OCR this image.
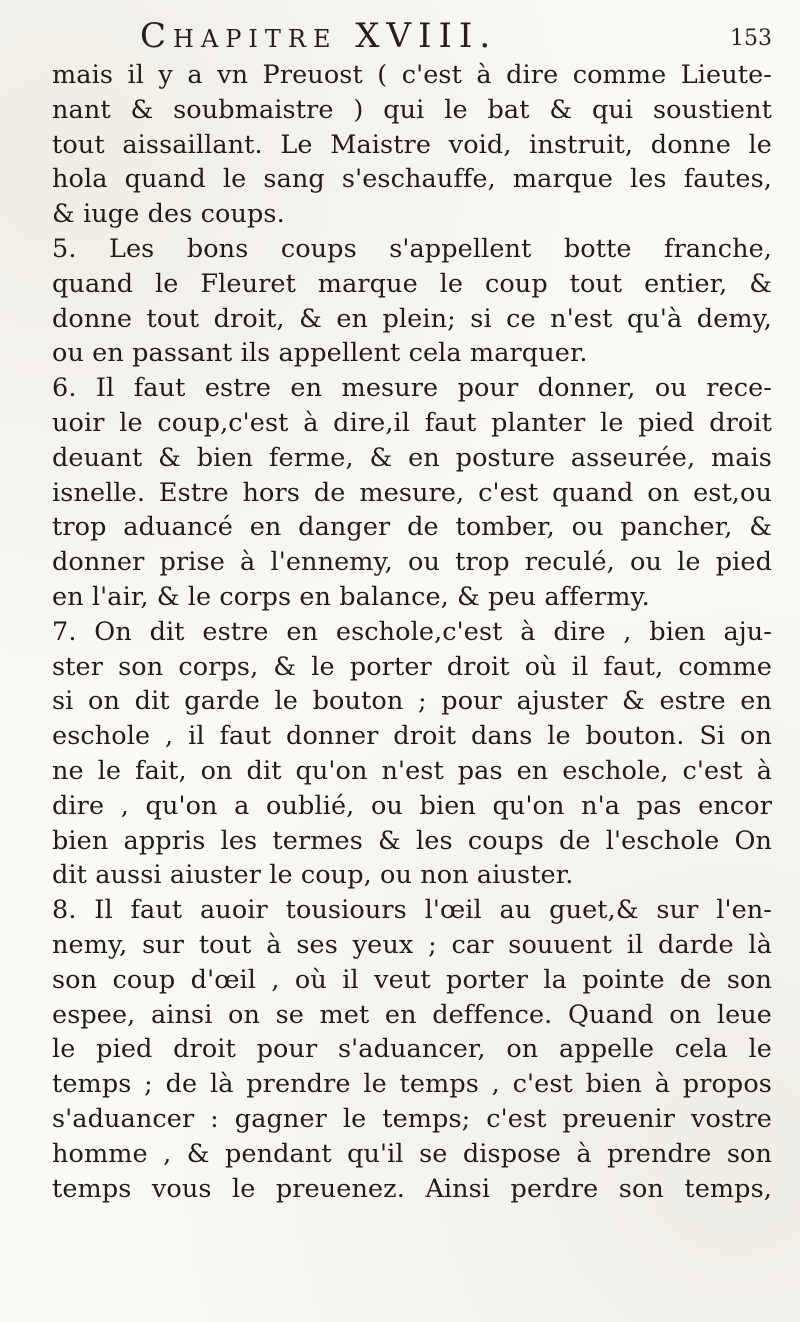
Chapitre XVIII.	153
mais il y a vn Preuost ( c'est à dire comme Lieute-
nant & soubmaistre ) qui le bat & qui soustient
tout aissaillant. Le Maistre void, instruit, donne le
hola quand le sang s'eschauffe, marque les fautes,
& iuge des coups.
5. Les bons coups s'appellent botte franche,
quand le Fleuret marque le coup tout entier, &
donne tout droit, & en plein; si ce n'est qu'à demy,
ou en passant ils appellent cela marquer.
6. Il faut estre en mesure pour donner, ou rece-
uoir le coup,c'est à dire,il faut planter le pied droit
deuant & bien ferme, & en posture asseurée, mais
isnelle. Estre hors de mesure, c'est quand on est,ou
trop aduancé en danger de tomber, ou pancher, &
donner prise à l'ennemy, ou trop reculé, ou le pied
en l'air, & le corps en balance, & peu affermy.
7. On dit estre en eschole,c'est à dire , bien aju-
ster son corps, & le porter droit où il faut, comme
si on dit garde le bouton ; pour ajuster & estre en
eschole , il faut donner droit dans le bouton. Si on
ne le fait, on dit qu'on n'est pas en eschole, c'est à
dire , qu'on a oublié, ou bien qu'on n'a pas encor
bien appris les termes & les coups de l'eschole On
dit aussi aiuster le coup, ou non aiuster.
8. Il faut auoir tousiours l'œil au guet,& sur l'en-
nemy, sur tout à ses yeux ; car souuent il darde là
son coup d'œil , où il veut porter la pointe de son
espee, ainsi on se met en deffence. Quand on leue
le pied droit pour s'aduancer, on appelle cela le
temps ; de là prendre le temps , c'est bien à propos
s'aduancer : gagner le temps; c'est preuenir vostre
homme , & pendant qu'il se dispose à prendre son
temps vous le preuenez. Ainsi perdre son temps,
